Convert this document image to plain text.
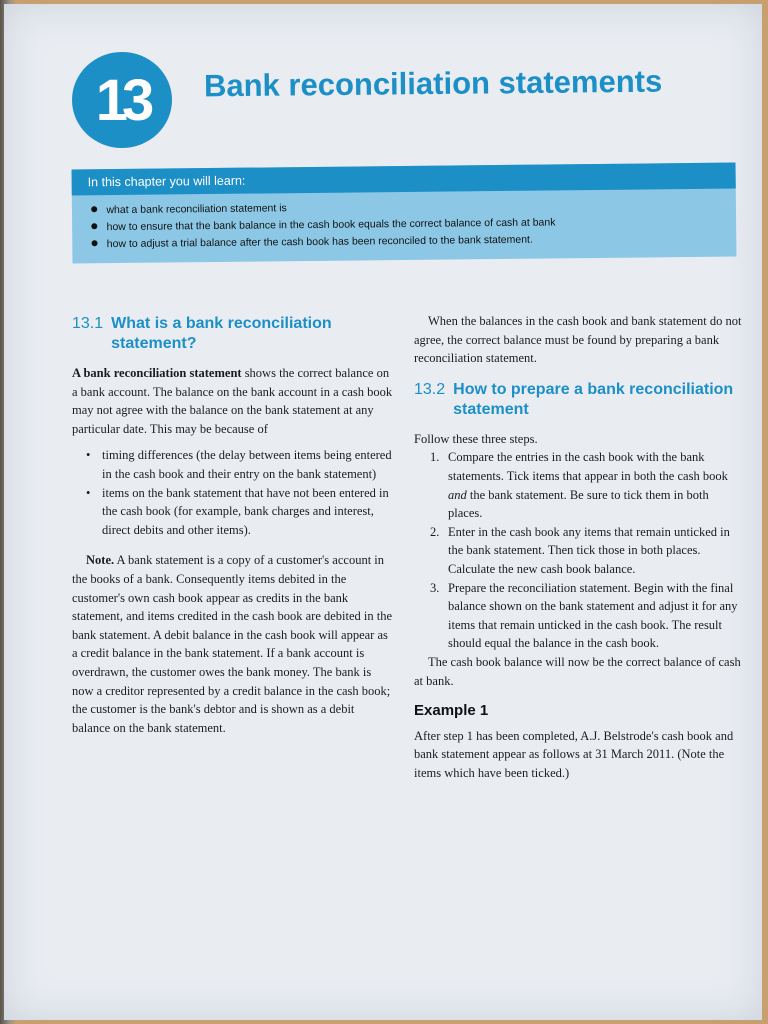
13 Bank reconciliation statements
In this chapter you will learn:
● what a bank reconciliation statement is
● how to ensure that the bank balance in the cash book equals the correct balance of cash at bank
● how to adjust a trial balance after the cash book has been reconciled to the bank statement.
13.1 What is a bank reconciliation statement?

A bank reconciliation statement shows the correct balance on a bank account. The balance on the bank account in a cash book may not agree with the balance on the bank statement at any particular date. This may be because of

• timing differences (the delay between items being entered in the cash book and their entry on the bank statement)
• items on the bank statement that have not been entered in the cash book (for example, bank charges and interest, direct debits and other items).

Note. A bank statement is a copy of a customer's account in the books of a bank. Consequently items debited in the customer's own cash book appear as credits in the bank statement, and items credited in the cash book are debited in the bank statement. A debit balance in the cash book will appear as a credit balance in the bank statement. If a bank account is overdrawn, the customer owes the bank money. The bank is now a creditor represented by a credit balance in the cash book; the customer is the bank's debtor and is shown as a debit balance on the bank statement.

When the balances in the cash book and bank statement do not agree, the correct balance must be found by preparing a bank reconciliation statement.

13.2 How to prepare a bank reconciliation statement

Follow these three steps.

1. Compare the entries in the cash book with the bank statements. Tick items that appear in both the cash book and the bank statement. Be sure to tick them in both places.
2. Enter in the cash book any items that remain unticked in the bank statement. Then tick those in both places. Calculate the new cash book balance.
3. Prepare the reconciliation statement. Begin with the final balance shown on the bank statement and adjust it for any items that remain unticked in the cash book. The result should equal the balance in the cash book.

The cash book balance will now be the correct balance of cash at bank.

Example 1

After step 1 has been completed, A.J. Belstrode's cash book and bank statement appear as follows at 31 March 2011. (Note the items which have been ticked.)
